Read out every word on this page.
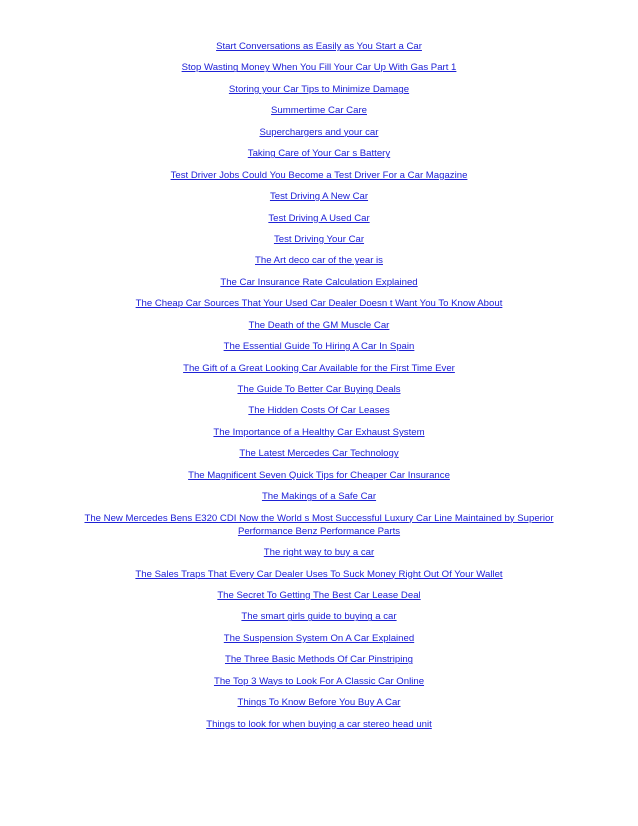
Start Conversations as Easily as You Start a Car
Stop Wasting Money When You Fill Your Car Up With Gas Part 1
Storing your Car Tips to Minimize Damage
Summertime Car Care
Superchargers and your car
Taking Care of Your Car s Battery
Test Driver Jobs Could You Become a Test Driver For a Car Magazine
Test Driving A New Car
Test Driving A Used Car
Test Driving Your Car
The Art deco car of the year is
The Car Insurance Rate Calculation Explained
The Cheap Car Sources That Your Used Car Dealer Doesn t Want You To Know About
The Death of the GM Muscle Car
The Essential Guide To Hiring A Car In Spain
The Gift of a Great Looking Car Available for the First Time Ever
The Guide To Better Car Buying Deals
The Hidden Costs Of Car Leases
The Importance of a Healthy Car Exhaust System
The Latest Mercedes Car Technology
The Magnificent Seven Quick Tips for Cheaper Car Insurance
The Makings of a Safe Car
The New Mercedes Bens E320 CDI Now the World s Most Successful Luxury Car Line Maintained by Superior Performance Benz Performance Parts
The right way to buy a car
The Sales Traps That Every Car Dealer Uses To Suck Money Right Out Of Your Wallet
The Secret To Getting The Best Car Lease Deal
The smart girls guide to buying a car
The Suspension System On A Car Explained
The Three Basic Methods Of Car Pinstriping
The Top 3 Ways to Look For A Classic Car Online
Things To Know Before You Buy A Car
Things to look for when buying a car stereo head unit
